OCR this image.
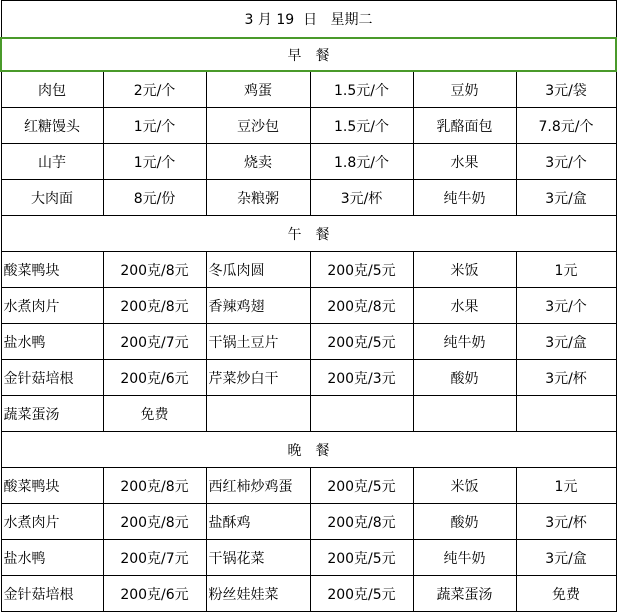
3 月 19 日 星期二					
早　餐					
肉包	2元/个	鸡蛋	1.5元/个	豆奶	3元/袋
红糖馒头	1元/个	豆沙包	1.5元/个	乳酪面包	7.8元/个
山芋	1元/个	烧卖	1.8元/个	水果	3元/个
大肉面	8元/份	杂粮粥	3元/杯	纯牛奶	3元/盒
午　餐					
酸菜鸭块	200克/8元	冬瓜肉圆	200克/5元	米饭	1元
水煮肉片	200克/8元	香辣鸡翅	200克/8元	水果	3元/个
盐水鸭	200克/7元	干锅土豆片	200克/5元	纯牛奶	3元/盒
金针菇培根	200克/6元	芹菜炒白干	200克/3元	酸奶	3元/杯
蔬菜蛋汤	免费				
晚　餐					
酸菜鸭块	200克/8元	西红柿炒鸡蛋	200克/5元	米饭	1元
水煮肉片	200克/8元	盐酥鸡	200克/8元	酸奶	3元/杯
盐水鸭	200克/7元	干锅花菜	200克/5元	纯牛奶	3元/盒
金针菇培根	200克/6元	粉丝娃娃菜	200克/5元	蔬菜蛋汤	免费
